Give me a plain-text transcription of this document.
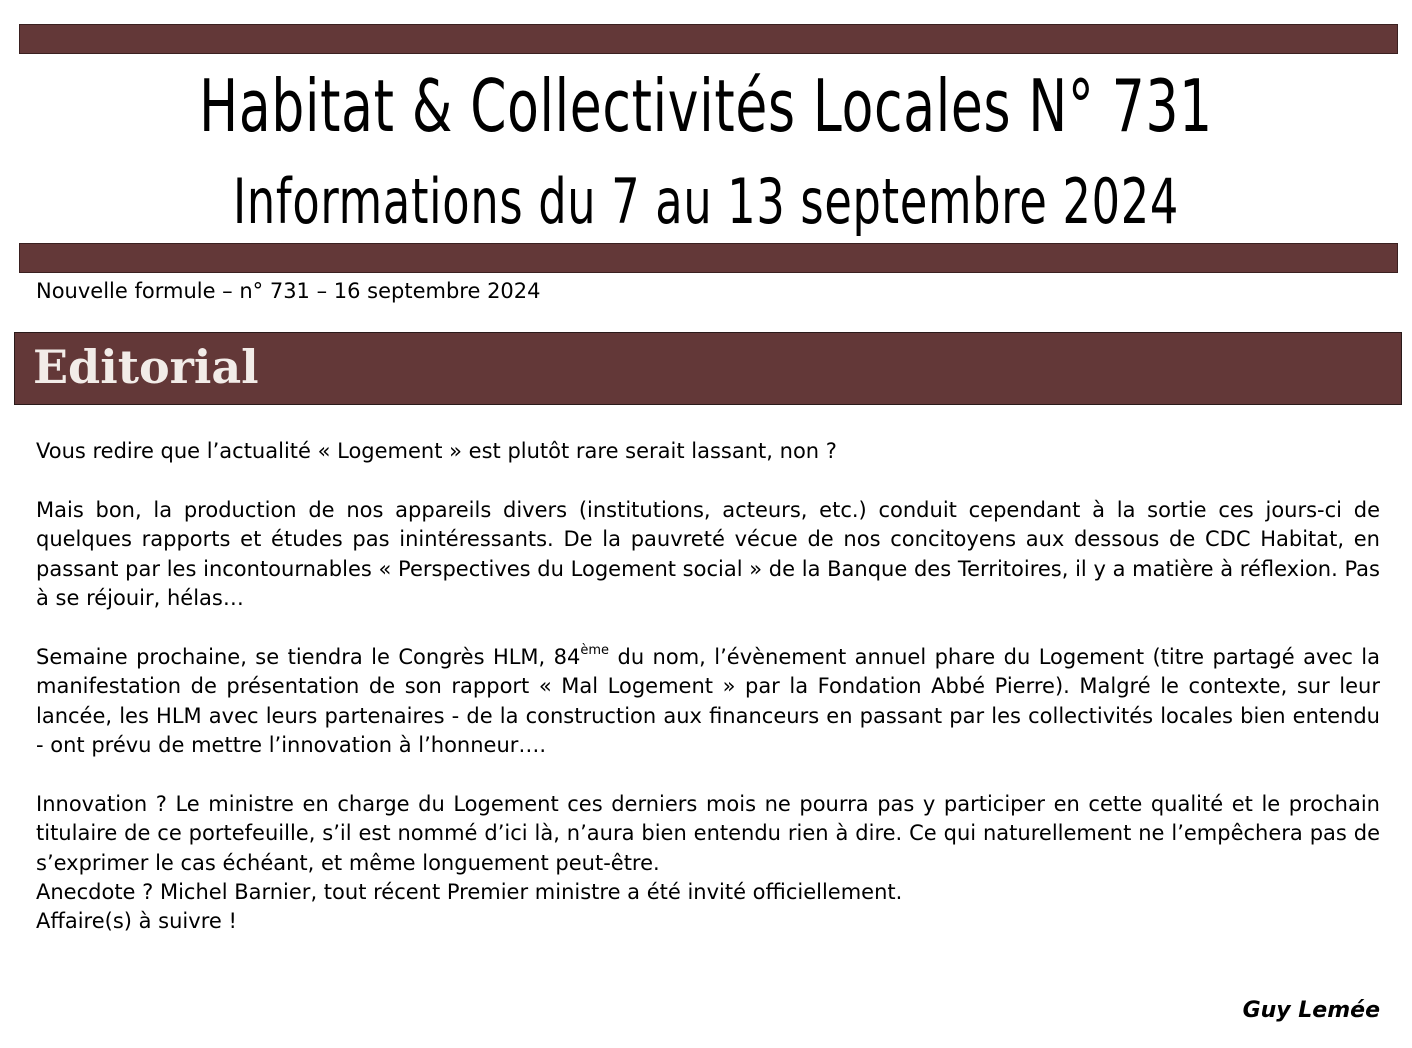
Habitat & Collectivités Locales N° 731
Informations du 7 au 13 septembre 2024
Nouvelle formule – n° 731 – 16 septembre 2024
Editorial
Vous redire que l’actualité « Logement » est plutôt rare serait lassant, non ?
Mais bon, la production de nos appareils divers (institutions, acteurs, etc.) conduit cependant à la sortie ces jours-ci de quelques rapports et études pas inintéressants. De la pauvreté vécue de nos concitoyens aux dessous de CDC Habitat, en passant par les incontournables « Perspectives du Logement social » de la Banque des Territoires, il y a matière à réflexion. Pas à se réjouir, hélas…
Semaine prochaine, se tiendra le Congrès HLM, 84ème du nom, l’évènement annuel phare du Logement (titre partagé avec la manifestation de présentation de son rapport « Mal Logement » par la Fondation Abbé Pierre). Malgré le contexte, sur leur lancée, les HLM avec leurs partenaires - de la construction aux financeurs en passant par les collectivités locales bien entendu - ont prévu de mettre l’innovation à l’honneur….
Innovation ? Le ministre en charge du Logement ces derniers mois ne pourra pas y participer en cette qualité et le prochain titulaire de ce portefeuille, s’il est nommé d’ici là, n’aura bien entendu rien à dire. Ce qui naturellement ne l’empêchera pas de s’exprimer le cas échéant, et même longuement peut-être.
Anecdote ? Michel Barnier, tout récent Premier ministre a été invité officiellement.
Affaire(s) à suivre !
Guy Lemée
